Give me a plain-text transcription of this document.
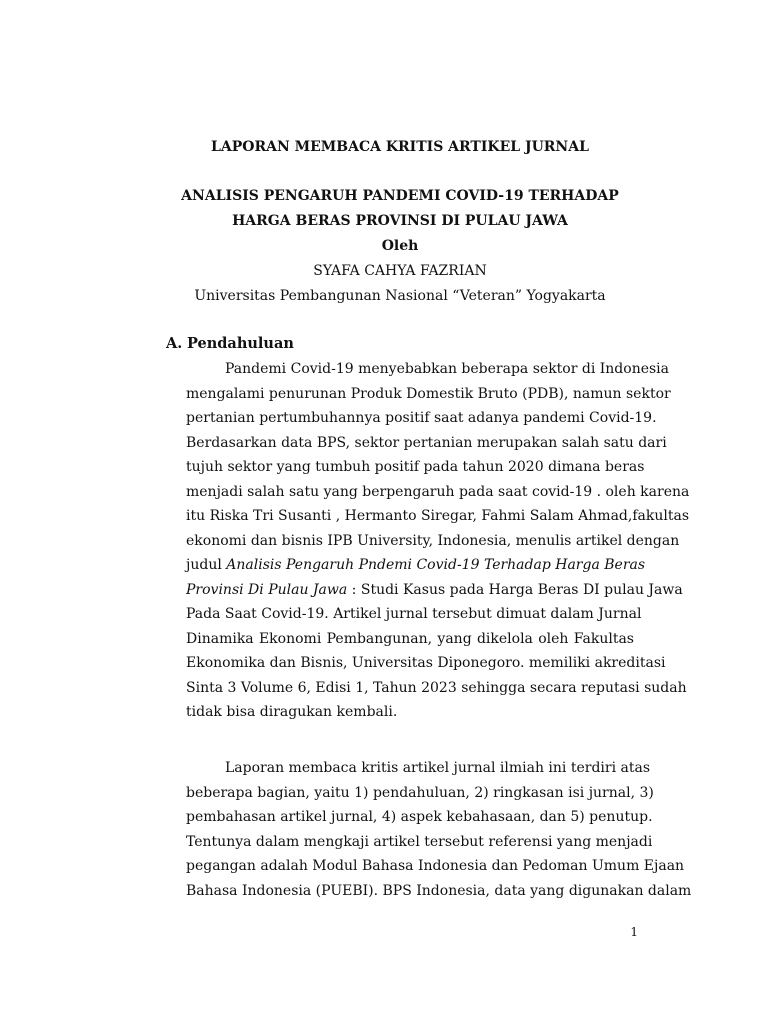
LAPORAN MEMBACA KRITIS ARTIKEL JURNAL
ANALISIS PENGARUH PANDEMI COVID-19 TERHADAP
HARGA BERAS PROVINSI DI PULAU JAWA
Oleh
SYAFA CAHYA FAZRIAN
Universitas Pembangunan Nasional “Veteran” Yogyakarta
A. Pendahuluan
Pandemi Covid-19 menyebabkan beberapa sektor di Indonesia
mengalami penurunan Produk Domestik Bruto (PDB), namun sektor
pertanian pertumbuhannya positif saat adanya pandemi Covid-19.
Berdasarkan data BPS, sektor pertanian merupakan salah satu dari
tujuh sektor yang tumbuh positif pada tahun 2020 dimana beras
menjadi salah satu yang berpengaruh pada saat covid-19 . oleh karena
itu Riska Tri Susanti , Hermanto Siregar, Fahmi Salam Ahmad,fakultas
ekonomi dan bisnis IPB University, Indonesia, menulis artikel dengan
judul Analisis Pengaruh Pndemi Covid-19 Terhadap Harga Beras
Provinsi Di Pulau Jawa : Studi Kasus pada Harga Beras DI pulau Jawa
Pada Saat Covid-19. Artikel jurnal tersebut dimuat dalam Jurnal
Dinamika Ekonomi Pembangunan, yang dikelola oleh Fakultas
Ekonomika dan Bisnis, Universitas Diponegoro. memiliki akreditasi
Sinta 3 Volume 6, Edisi 1, Tahun 2023 sehingga secara reputasi sudah
tidak bisa diragukan kembali.
Laporan membaca kritis artikel jurnal ilmiah ini terdiri atas
beberapa bagian, yaitu 1) pendahuluan, 2) ringkasan isi jurnal, 3)
pembahasan artikel jurnal, 4) aspek kebahasaan, dan 5) penutup.
Tentunya dalam mengkaji artikel tersebut referensi yang menjadi
pegangan adalah Modul Bahasa Indonesia dan Pedoman Umum Ejaan
Bahasa Indonesia (PUEBI). BPS Indonesia, data yang digunakan dalam
1
